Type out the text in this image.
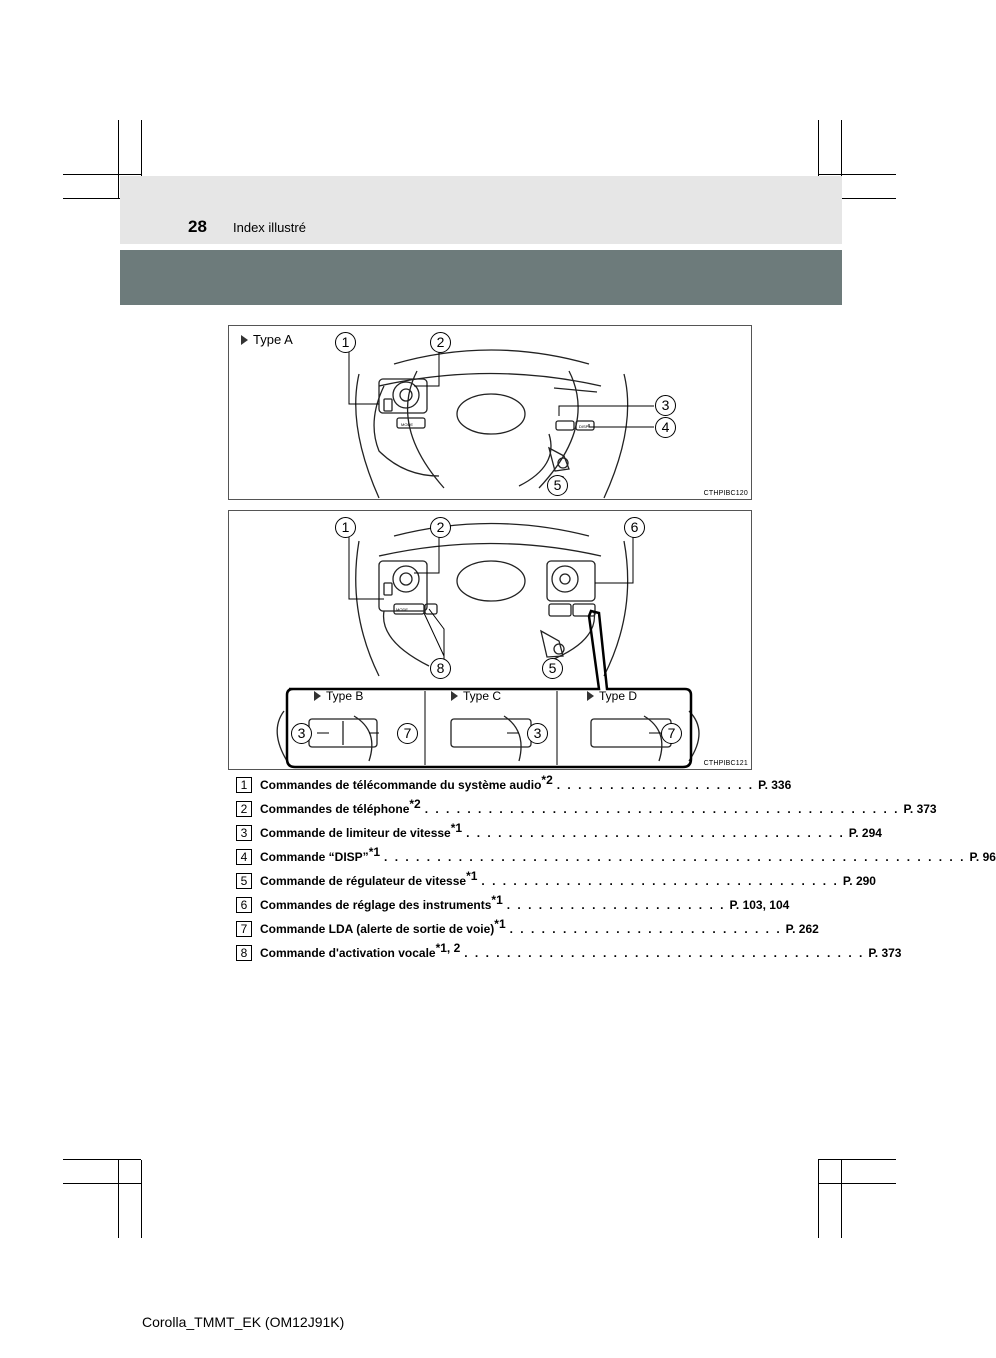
28 Index illustré
MODE	DISP
Type A	1	2
3
4
5
CTHPIBC120
MODE
1	2	6
8	5
Type B	Type C	Type D
3	7	3	7
CTHPIBC121
1	Commandes de télécommande du système audio$^{*2}$ . . . . . . . . . . . . . . . . . . . P. 336
2	Commandes de téléphone$^{*2}$ . . . . . . . . . . . . . . . . . . . . . . . . . . . . . . . . . . . . . . . . . . . . . P. 373
3	Commande de limiteur de vitesse$^{*1}$ . . . . . . . . . . . . . . . . . . . . . . . . . . . . . . . . . . . . P. 294
4	Commande “DISP”$^{*1}$ . . . . . . . . . . . . . . . . . . . . . . . . . . . . . . . . . . . . . . . . . . . . . . . . . . . . . . . P. 96
5	Commande de régulateur de vitesse$^{*1}$ . . . . . . . . . . . . . . . . . . . . . . . . . . . . . . . . . . P. 290
6	Commandes de réglage des instruments$^{*1}$ . . . . . . . . . . . . . . . . . . . . . P. 103, 104
7	Commande LDA (alerte de sortie de voie)$^{*1}$ . . . . . . . . . . . . . . . . . . . . . . . . . . P. 262
8	Commande d'activation vocale$^{*1, 2}$ . . . . . . . . . . . . . . . . . . . . . . . . . . . . . . . . . . . . . . P. 373
Corolla_TMMT_EK (OM12J91K)
